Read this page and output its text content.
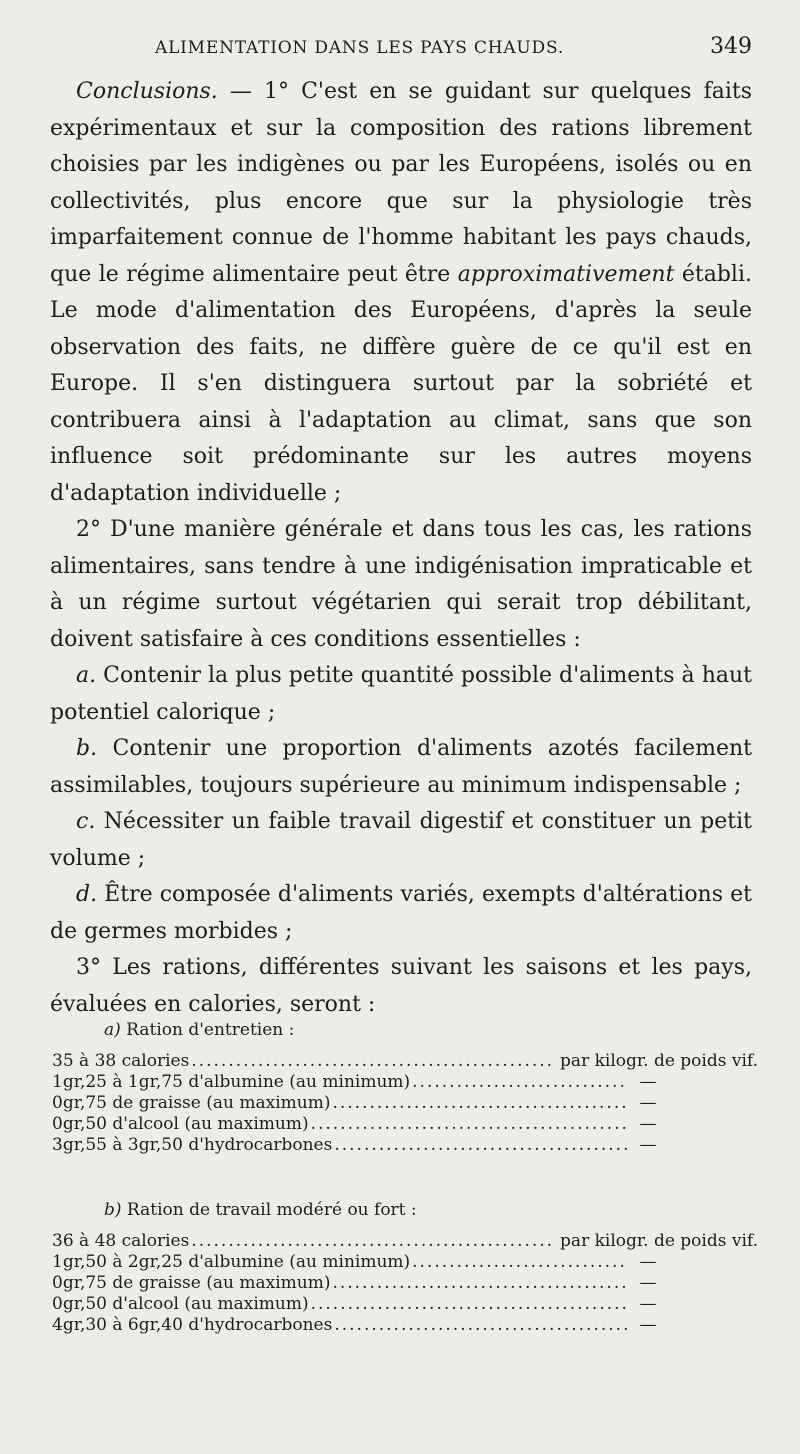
ALIMENTATION DANS LES PAYS CHAUDS.	349

Conclusions. — 1° C'est en se guidant sur quelques faits expérimentaux et sur la composition des rations librement choisies par les indigènes ou par les Européens, isolés ou en collectivités, plus encore que sur la physiologie très imparfaitement connue de l'homme habitant les pays chauds, que le régime alimentaire peut être approximativement établi. Le mode d'alimentation des Européens, d'après la seule observation des faits, ne diffère guère de ce qu'il est en Europe. Il s'en distinguera surtout par la sobriété et contribuera ainsi à l'adaptation au climat, sans que son influence soit prédominante sur les autres moyens d'adaptation individuelle ;

2° D'une manière générale et dans tous les cas, les rations alimentaires, sans tendre à une indigénisation impraticable et à un régime surtout végétarien qui serait trop débilitant, doivent satisfaire à ces conditions essentielles :

a. Contenir la plus petite quantité possible d'aliments à haut potentiel calorique ;

b. Contenir une proportion d'aliments azotés facilement assimilables, toujours supérieure au minimum indispensable ;

c. Nécessiter un faible travail digestif et constituer un petit volume ;

d. Être composée d'aliments variés, exempts d'altérations et de germes morbides ;

3° Les rations, différentes suivant les saisons et les pays, évaluées en calories, seront :

a) Ration d'entretien :
35 à 38 calories .....	par kilogr. de poids vif.
1gr,25 à 1gr,75 d'albumine (au minimum) .....	—
0gr,75 de graisse (au maximum) .....	—
0gr,50 d'alcool (au maximum) .....	—
3gr,55 à 3gr,50 d'hydrocarbones .....	—
b) Ration de travail modéré ou fort :
36 à 48 calories .....	par kilogr. de poids vif.
1gr,50 à 2gr,25 d'albumine (au minimum) .....	—
0gr,75 de graisse (au maximum) .....	—
0gr,50 d'alcool (au maximum) .....	—
4gr,30 à 6gr,40 d'hydrocarbones .....	—
